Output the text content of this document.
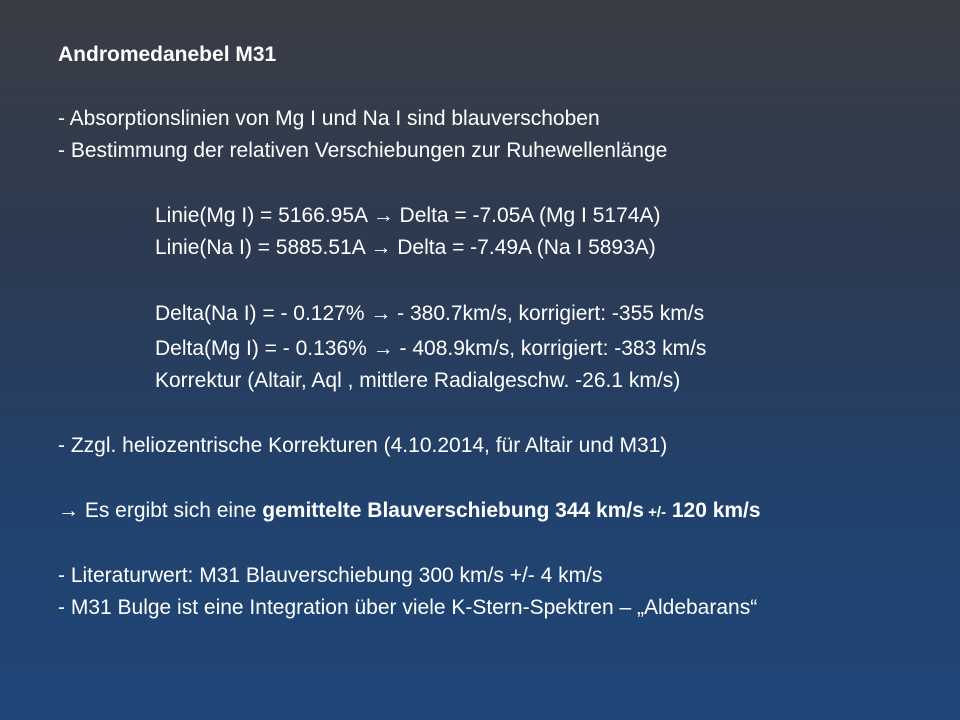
Andromedanebel M31
- Absorptionslinien von Mg I und Na I sind blauverschoben
- Bestimmung der relativen Verschiebungen zur Ruhewellenlänge
Linie(Mg I) = 5166.95A → Delta = -7.05A (Mg I 5174A)
Linie(Na I) = 5885.51A → Delta = -7.49A (Na I 5893A)
Delta(Na I) = - 0.127% → - 380.7km/s, korrigiert: -355 km/s
Delta(Mg I) = - 0.136% → - 408.9km/s, korrigiert: -383 km/s
Korrektur (Altair, Aql , mittlere Radialgeschw. -26.1 km/s)
- Zzgl. heliozentrische Korrekturen (4.10.2014, für Altair und M31)
→ Es ergibt sich eine gemittelte Blauverschiebung 344 km/s +/- 120 km/s
- Literaturwert: M31 Blauverschiebung 300 km/s +/- 4 km/s
- M31 Bulge ist eine Integration über viele K-Stern-Spektren – „Aldebarans“
